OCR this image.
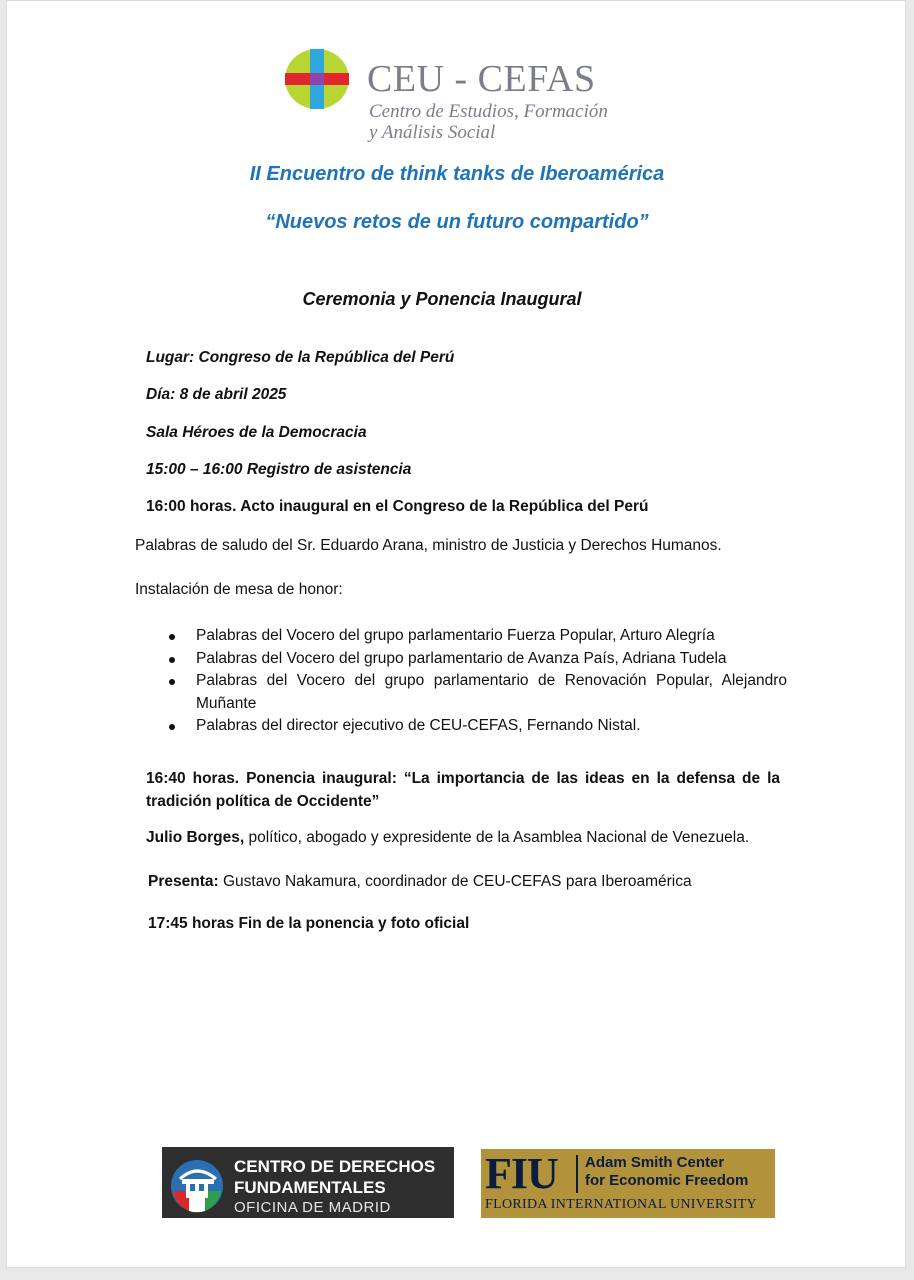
CEU - CEFAS
Centro de Estudios, Formación
y Análisis Social
II Encuentro de think tanks de Iberoamérica
“Nuevos retos de un futuro compartido”
Ceremonia y Ponencia Inaugural
Lugar: Congreso de la República del Perú
Día: 8 de abril 2025
Sala Héroes de la Democracia
15:00 – 16:00 Registro de asistencia
16:00 horas. Acto inaugural en el Congreso de la República del Perú
Palabras de saludo del Sr. Eduardo Arana, ministro de Justicia y Derechos Humanos.
Instalación de mesa de honor:
Palabras del Vocero del grupo parlamentario Fuerza Popular, Arturo Alegría
Palabras del Vocero del grupo parlamentario de Avanza País, Adriana Tudela
Palabras del Vocero del grupo parlamentario de Renovación Popular, Alejandro Muñante
Palabras del director ejecutivo de CEU-CEFAS, Fernando Nistal.
16:40 horas. Ponencia inaugural: “La importancia de las ideas en la defensa de la tradición política de Occidente”
Julio Borges, político, abogado y expresidente de la Asamblea Nacional de Venezuela.
Presenta: Gustavo Nakamura, coordinador de CEU-CEFAS para Iberoamérica
17:45 horas Fin de la ponencia y foto oficial
CENTRO DE DERECHOS
FUNDAMENTALES
OFICINA DE MADRID
FIU	Adam Smith Center
for Economic Freedom
FLORIDA INTERNATIONAL UNIVERSITY
